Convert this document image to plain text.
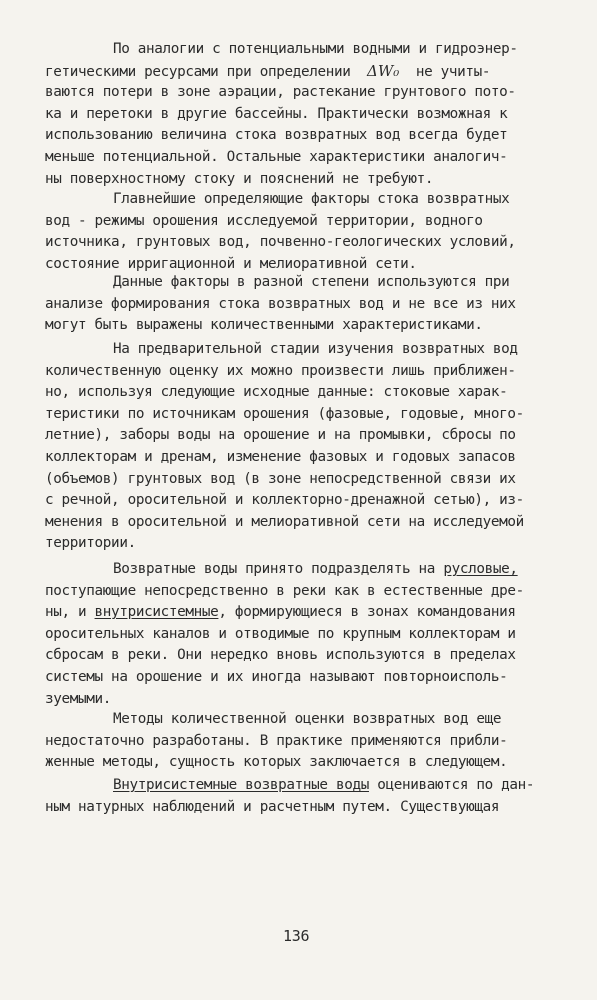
По аналогии с потенциальными водными и гидроэнер-
гетическими ресурсами при определении  ΔW₀  не учиты-
ваются потери в зоне аэрации, растекание грунтового пото-
ка и перетоки в другие бассейны. Практически возможная к
использованию величина стока возвратных вод всегда будет
меньше потенциальной. Остальные характеристики аналогич-
ны поверхностному стоку и пояснений не требуют.
Главнейшие определяющие факторы стока возвратных
вод - режимы орошения исследуемой территории, водного
источника, грунтовых вод, почвенно-геологических условий,
состояние ирригационной и мелиоративной сети.
Данные факторы в разной степени используются при
анализе формирования стока возвратных вод и не все из них
могут быть выражены количественными характеристиками.
На предварительной стадии изучения возвратных вод
количественную оценку их можно произвести лишь приближен-
но, используя следующие исходные данные: стоковые харак-
теристики по источникам орошения (фазовые, годовые, много-
летние), заборы воды на орошение и на промывки, сбросы по
коллекторам и дренам, изменение фазовых и годовых запасов
(объемов) грунтовых вод (в зоне непосредственной связи их
с речной, оросительной и коллекторно-дренажной сетью), из-
менения в оросительной и мелиоративной сети на исследуемой
территории.
Возвратные воды принято подразделять на русловые,
поступающие непосредственно в реки как в естественные дре-
ны, и внутрисистемные, формирующиеся в зонах командования
оросительных каналов и отводимые по крупным коллекторам и
сбросам в реки. Они нередко вновь используются в пределах
системы на орошение и их иногда называют повторноисполь-
зуемыми.
Методы количественной оценки возвратных вод еще
недостаточно разработаны. В практике применяются прибли-
женные методы, сущность которых заключается в следующем.
Внутрисистемные возвратные воды оцениваются по дан-
ным натурных наблюдений и расчетным путем. Существующая
136
